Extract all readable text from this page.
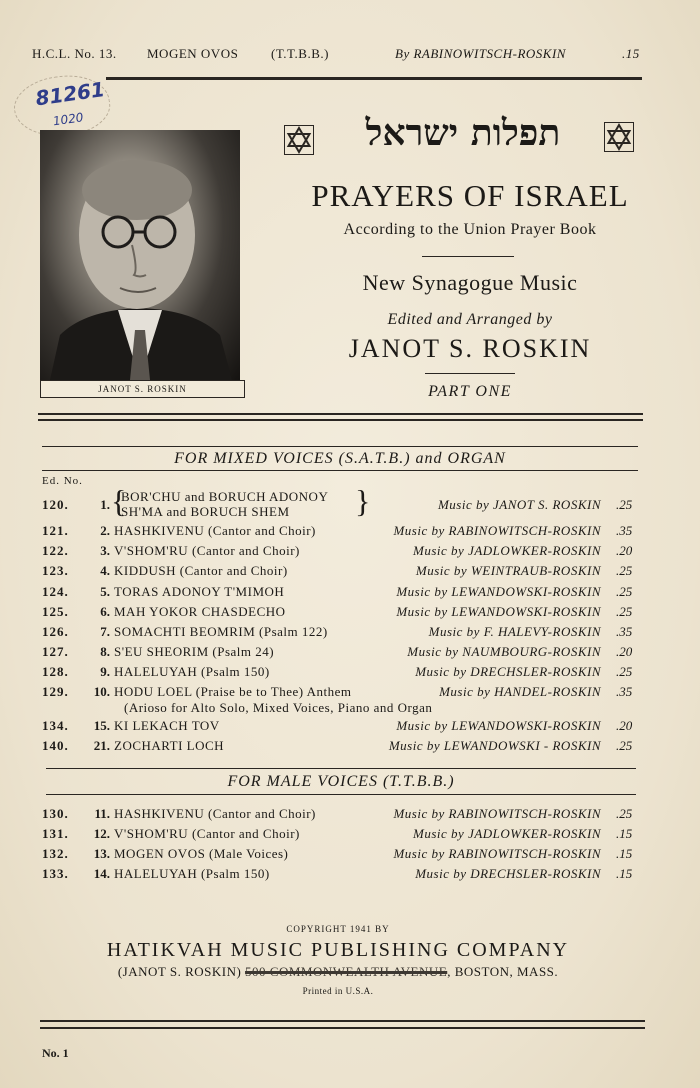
H.C.L. No. 13. MOGEN OVOS	(T.T.B.B.)	By RABINOWITSCH-ROSKIN	.15
81261
1020
JANOT S. ROSKIN
תפלות ישראל
PRAYERS OF ISRAEL
According to the Union Prayer Book
New Synagogue Music
Edited and Arranged by
JANOT S. ROSKIN
PART ONE
FOR MIXED VOICES (S.A.T.B.) and ORGAN
Ed. No.
120.	1. {
BOR'CHU and BORUCH ADONOY
SH'MA and BORUCH SHEM }	Music by JANOT S. ROSKIN .25
121.	2. HASHKIVENU (Cantor and Choir)	Music by RABINOWITSCH-ROSKIN .35
122.	3. V'SHOM'RU (Cantor and Choir)	Music by JADLOWKER-ROSKIN .20
123.	4. KIDDUSH (Cantor and Choir)	Music by WEINTRAUB-ROSKIN .25
124.	5. TORAS ADONOY T'MIMOH	Music by LEWANDOWSKI-ROSKIN .25
125.	6. MAH YOKOR CHASDECHO	Music by LEWANDOWSKI-ROSKIN .25
126.	7. SOMACHTI BEOMRIM (Psalm 122)	Music by F. HALEVY-ROSKIN .35
127.	8. S'EU SHEORIM (Psalm 24)	Music by NAUMBOURG-ROSKIN .20
128.	9. HALELUYAH (Psalm 150)	Music by DRECHSLER-ROSKIN .25
129.	10. HODU LOEL (Praise be to Thee) Anthem
(Arioso for Alto Solo, Mixed Voices, Piano and Organ
Music by HANDEL-ROSKIN .35
134.	15. KI LEKACH TOV	Music by LEWANDOWSKI-ROSKIN .20
140.	21. ZOCHARTI LOCH	Music by LEWANDOWSKI - ROSKIN .25
FOR MALE VOICES (T.T.B.B.)
130.	11. HASHKIVENU (Cantor and Choir)	Music by RABINOWITSCH-ROSKIN .25
131.	12. V'SHOM'RU (Cantor and Choir)	Music by JADLOWKER-ROSKIN .15
132.	13. MOGEN OVOS (Male Voices)	Music by RABINOWITSCH-ROSKIN .15
133.	14. HALELUYAH (Psalm 150)	Music by DRECHSLER-ROSKIN .15
COPYRIGHT 1941 BY
HATIKVAH MUSIC PUBLISHING COMPANY
(JANOT S. ROSKIN) 500 COMMONWEALTH AVENUE, BOSTON, MASS.
Printed in U.S.A.
No. 1
